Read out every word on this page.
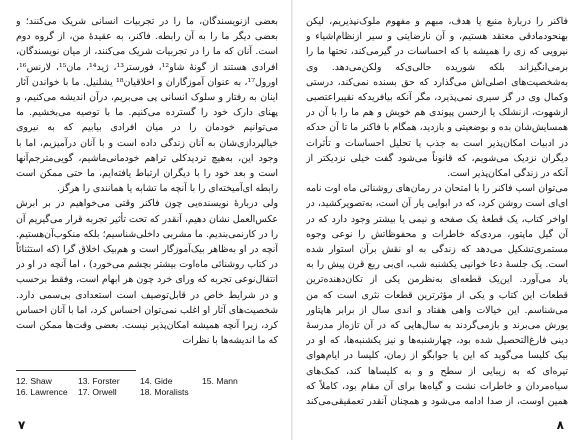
بعضی ازنویسندگان، ما را در تجربیات انسانی شریک می‌کنند؛ و بعضی دیگر ما را به آن رابطه. فاکنر، به عقیدهٔ من، از گروه دوم است. آنان که ما را در تجربیات شریک می‌کنند، از میان نویسندگان، افرادی هستند از گونهٔ شاو¹²، فورستر¹³، ژید¹⁴، مان¹⁵، لارنس¹⁶، اورول¹⁷، به عنوان آموزگاران و اخلاقیان¹⁸ یشلنیل. ما با خواندن آثار اینان به رفتار و سلوک انسانی پی می‌بریم، درآن اندیشه می‌کنیم، و پهنای دارک خود را گسترده می‌کنیم. ما با توصیه می‌بخشیم. ما می‌توانیم خودمان را در میان افرادی بیابیم که به نیروی خیالپردازی‌شان به آنان زندگی داده است و با آنان درآمیزیم، اما با وجود این، به‌هیچ تردیدکلی تراهم خودمانی‌ماشیم، گویی‌مترجم‌آنها است و بعد خود را با دیگران ارتباط یافته‌ایم، ما حتی ممکن است رابطه ای‌آمیخته‌ای را با آنچه ما تشابه یا همانندی را هرگز.

ولی دربارهٔ نویسنده‌یی چون فاکنر وقتی می‌خواهیم در بر ابرش عکس‌العمل نشان دهیم، آنقدر که تحت تأثیر تجربه قرار می‌گیریم آن را در کارنمی‌بندیم. ما مشربی داخلی‌شناسیم؛ بلکه منکوب‌آن‌هستیم. آنچه در او به‌ظاهر بیک‌آموزگار است و هم‌بیک اخلاق گرا (که استثنائاً در کتاب روشنائی ماه‌اوت بیشتر بچشم می‌خورد) ، اما آنچه در او در انتقال‌نوعی تجربه که ورای خرد چون هر ابهام است، وفقط برحسب و در شرایط خاص در قابل‌توصیف است استعدادی بی‌سمی دارد. شخصیت‌های آثار او اغلب نمی‌توان احساس کرد، اما با آنان احساس کرد، زیرا آنچه همیشه امکان‌پذیر نیست. بعضی وقت‌ها ممکن است که ما انديشه‌ها با نظرات

12. Shaw	13. Forster	14. Gide	15. Mann
16. Lawrence	17. Orwell	18. Moralists
۷

فاکنر را دربارهٔ منبع یا هدف، مبهم و مفهوم ملوک‌نپذیریم، لیکن بهنحودمادقی معتقد هستیم، و آن نارضایتی و سیر ازنظام‌اشیاء و نیرویی که زی را همیشه با که احساسات در گیرمی‌کند، تحتها ما را برمی‌انگیزاند بلکه شوریده حالی‌ی‌که ولکن‌می‌دهد. وی به‌شخصیت‌های اصلی‌اش می‌گذارد که حق بسنده نمی‌کند، درستی وکمال وی در گز سیری نمی‌پذیرد، مگر آنکه بیافریدکه نقیبراعتصبی ازشهوت، ازنشلک یا ازحسن پیوندی هم خویش و هم ما را با آن در همسایش‌شان بده و بوضعیتی و بازدید، همگام با فاکنر ما تا آن حدکه در ادبیات امکان‌پذیر است به جذب یا تحلیل احساسات و تأثرات دیگران نزدیک می‌شویم، که قانوناً می‌شود گفت خیلی نزدیکتر از آنکه در زندگی امکان‌پذیر است.

می‌توان اسب فاکنر را با امتحان در رمان‌های روشنائی ماه اوت نامه ای‌ای است روشن کرد، که در ابوایی یار آن است، به‌تصویرکشید، در اواخر کتاب، یک قطعهٔ یک صفحه و نیمی یا بیشتر وجود دارد که در آن گیل ماپتور، مردی‌که خاطرات و محفوظاتش را نوعی وجوه مستمری‌تشکیل می‌دهد که زندگی به او نقش برآن استوار شده است. یک جلسهٔ دعا خوانیی یکشنبه شب، ای‌بی ربع قرن پیش را به یاد می‌آورد. این‌یک قطعه‌ای به‌نظرمن یکی از تکان‌دهنده‌ترین قطعات این کتاب و یکی از مؤثرترین قطعات نثری است که من می‌شناسم. این خیالات واهی هفتاد و اندی سال از برابر هاپتاور یورش می‌برند و بازمی‌گردند به سال‌هایی که در آن تازه‌از مدرسهٔ دینی فارغ‌التحصیل شده بود، چهارشنبه‌ها و نیز یکشنبه‌ها، که او در بیک کلیسا می‌گوید که این یا جوابگو از زمان، کلیسا در ایام‌هوای تیره‌ای که به زیبایی از سطح و و به کلیساها کند، کمک‌های سیاه‌مردان و خاطرات نشت و گیاه‌ها برای آن مقام بود، کاملاً که همین اوست، از صدا ادامه می‌شود و همچنان آنقدر تعمقیقی‌می‌کند

۸
